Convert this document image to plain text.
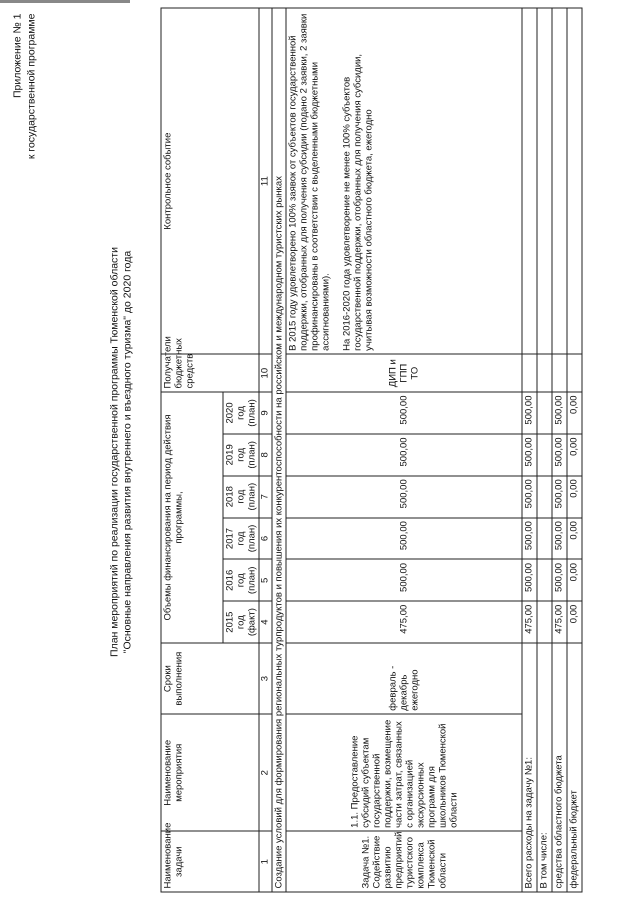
Приложение № 1 к государственной программе
План мероприятий по реализации государственной программы Тюменской области "Основные направления развития внутреннего и въездного туризма" до 2020 года
Наименование задачи	Наименование мероприятия	Сроки выполнения	Объемы финансирования на период действия программы,						Получатели бюджетных средств	Контрольное событие
			2015 год (факт)	2016 год (план)	2017 год (план)	2018 год (план)	2019 год (план)	2020 год (план)		
1	2	3	4	5	6	7	8	9	10	11
Создание условий для формирования региональных турпродуктов и повышения их конкурентоспособности на российском и международном туристских рынках										
Задача №1. Содействие развитию предприятий туристского комплекса Тюменской области	1.1. Предоставление субсидий субъектам государственной поддержки, возмещение части затрат, связанных с организацией экскурсионных программ для школьников Тюменской области	февраль - декабрь ежегодно	475,00	500,00	500,00	500,00	500,00	500,00	ДИП и ГПП ТО	В 2015 году удовлетворено 100% заявок от субъектов государственной поддержки, отобранных для получения субсидии (подано 2 заявки, 2 заявки профинансированы в соответствии с выделенными бюджетными ассигнованиями). На 2016-2020 года удовлетворение не менее 100% субъектов государственной поддержки, отобранных для получения субсидии, учитывая возможности областного бюджета, ежегодно

Всего расходы на задачу №1:			475,00	500,00	500,00	500,00	500,00	500,00		
В том числе:										
средства областного бюджета			475,00	500,00	500,00	500,00	500,00	500,00		
федеральный бюджет			0,00	0,00	0,00	0,00	0,00	0,00		
